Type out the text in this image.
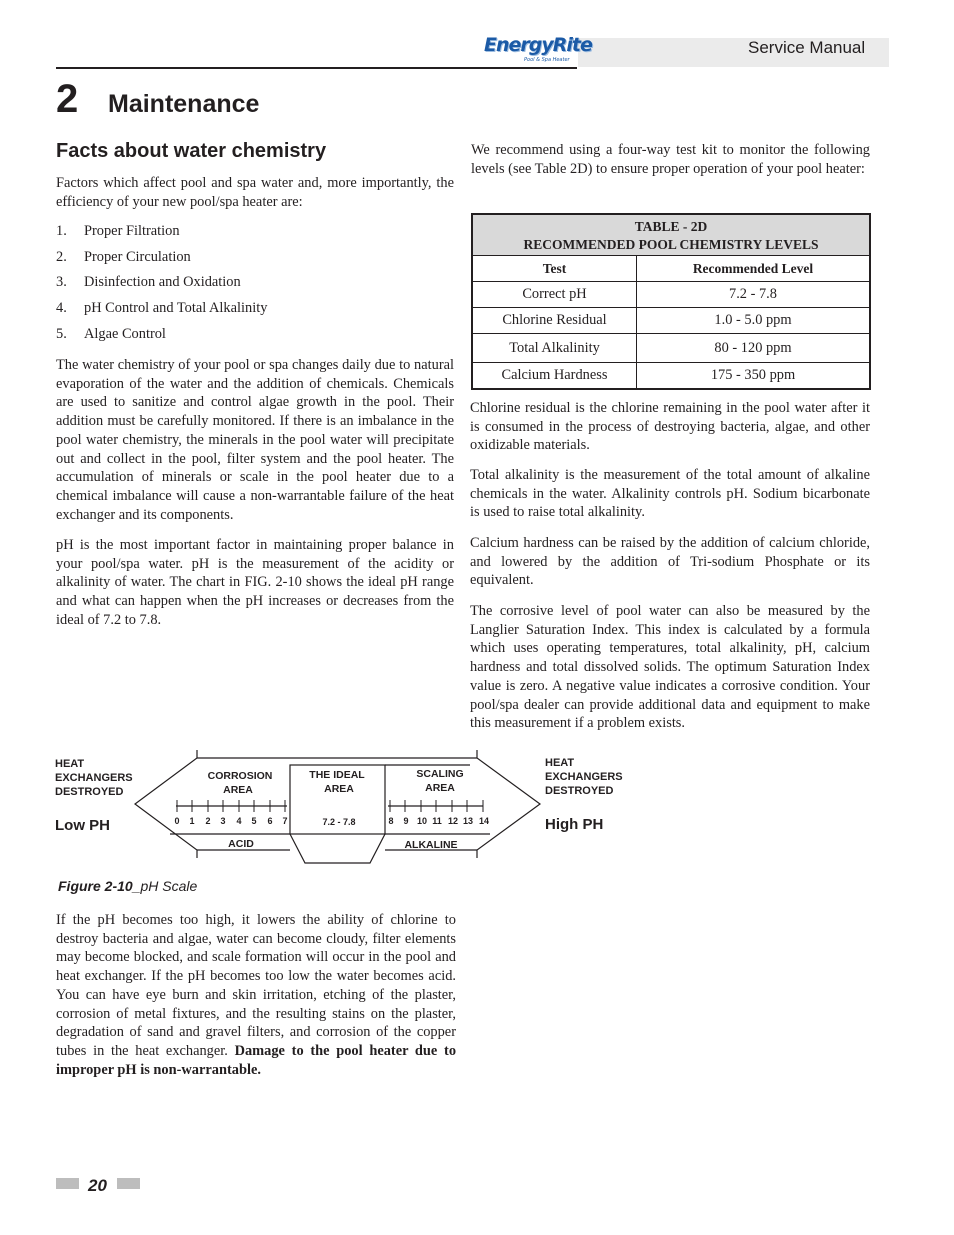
EnergyRite
Pool & Spa Heater
Service Manual
2 Maintenance
Facts about water chemistry

Factors which affect pool and spa water and, more importantly, the efficiency of your new pool/spa heater are:

1. Proper Filtration
2. Proper Circulation
3. Disinfection and Oxidation
4. pH Control and Total Alkalinity
5. Algae Control

The water chemistry of your pool or spa changes daily due to natural evaporation of the water and the addition of chemicals. Chemicals are used to sanitize and control algae growth in the pool. Their addition must be carefully monitored. If there is an imbalance in the pool water chemistry, the minerals in the pool water will precipitate out and collect in the pool, filter system and the pool heater. The accumulation of minerals or scale in the pool heater due to a chemical imbalance will cause a non-warrantable failure of the heat exchanger and its components.

pH is the most important factor in maintaining proper balance in your pool/spa water. pH is the measurement of the acidity or alkalinity of water. The chart in FIG. 2-10 shows the ideal pH range and what can happen when the pH increases or decreases from the ideal of 7.2 to 7.8.

We recommend using a four-way test kit to monitor the following levels (see Table 2D) to ensure proper operation of your pool heater:

TABLE - 2D
RECOMMENDED POOL CHEMISTRY LEVELS	
Test	Recommended Level
Correct pH	7.2 - 7.8
Chlorine Residual	1.0 - 5.0 ppm
Total Alkalinity	80 - 120 ppm
Calcium Hardness	175 - 350 ppm

Chlorine residual is the chlorine remaining in the pool water after it is consumed in the process of destroying bacteria, algae, and other oxidizable materials.

Total alkalinity is the measurement of the total amount of alkaline chemicals in the water. Alkalinity controls pH. Sodium bicarbonate is used to raise total alkalinity.

Calcium hardness can be raised by the addition of calcium chloride, and lowered by the addition of Tri-sodium Phosphate or its equivalent.

The corrosive level of pool water can also be measured by the Langlier Saturation Index. This index is calculated by a formula which uses operating temperatures, total alkalinity, pH, calcium hardness and total dissolved solids. The optimum Saturation Index value is zero. A negative value indicates a corrosive condition. Your pool/spa dealer can provide additional data and equipment to make this measurement if a problem exists.

HEAT
EXCHANGERS
DESTROYED
Low PH
HEAT
EXCHANGERS
DESTROYED
High PH
CORROSION
AREA
THE IDEAL
AREA
SCALING
AREA
ACID	ALKALINE
7.2 - 7.8
0 1 2 3 4 5 6 7	8 9 10 11 12 13 14
Figure 2-10_pH Scale

If the pH becomes too high, it lowers the ability of chlorine to destroy bacteria and algae, water can become cloudy, filter elements may become blocked, and scale formation will occur in the pool and heat exchanger. If the pH becomes too low the water becomes acid. You can have eye burn and skin irritation, etching of the plaster, corrosion of metal fixtures, and the resulting stains on the plaster, degradation of sand and gravel filters, and corrosion of the copper tubes in the heat exchanger. Damage to the pool heater due to improper pH is non-warrantable.

20
